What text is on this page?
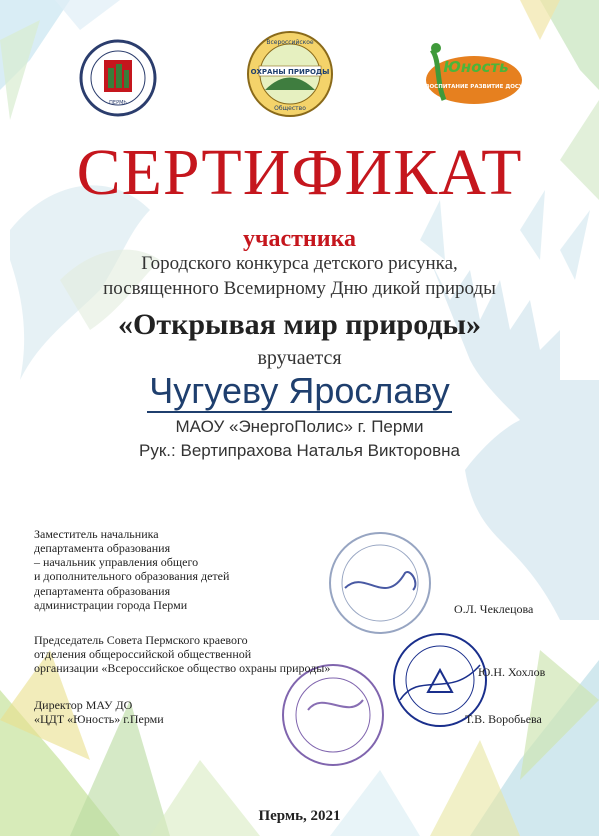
ПЕРМЬ
ОХРАНЫ ПРИРОДЫ
Всероссийское
Общество
Юность
ВОСПИТАНИЕ РАЗВИТИЕ ДОСУГ
СЕРТИФИКАТ
участника
Городского конкурса детского рисунка,
посвященного Всемирному Дню дикой природы
«Открывая мир природы»
вручается
Чугуеву Ярославу
МАОУ «ЭнергоПолис» г. Перми
Рук.: Вертипрахова Наталья Викторовна
Заместитель начальника
департамента образования
– начальник управления общего
и дополнительного образования детей
департамента образования
администрации города Перми	О.Л. Чеклецова
Председатель Совета Пермского краевого
отделения общероссийской общественной
организации «Всероссийское общество охраны природы»	Ю.Н. Хохлов
Директор МАУ ДО
«ЦДТ «Юность» г.Перми	Т.В. Воробьева
Пермь, 2021
